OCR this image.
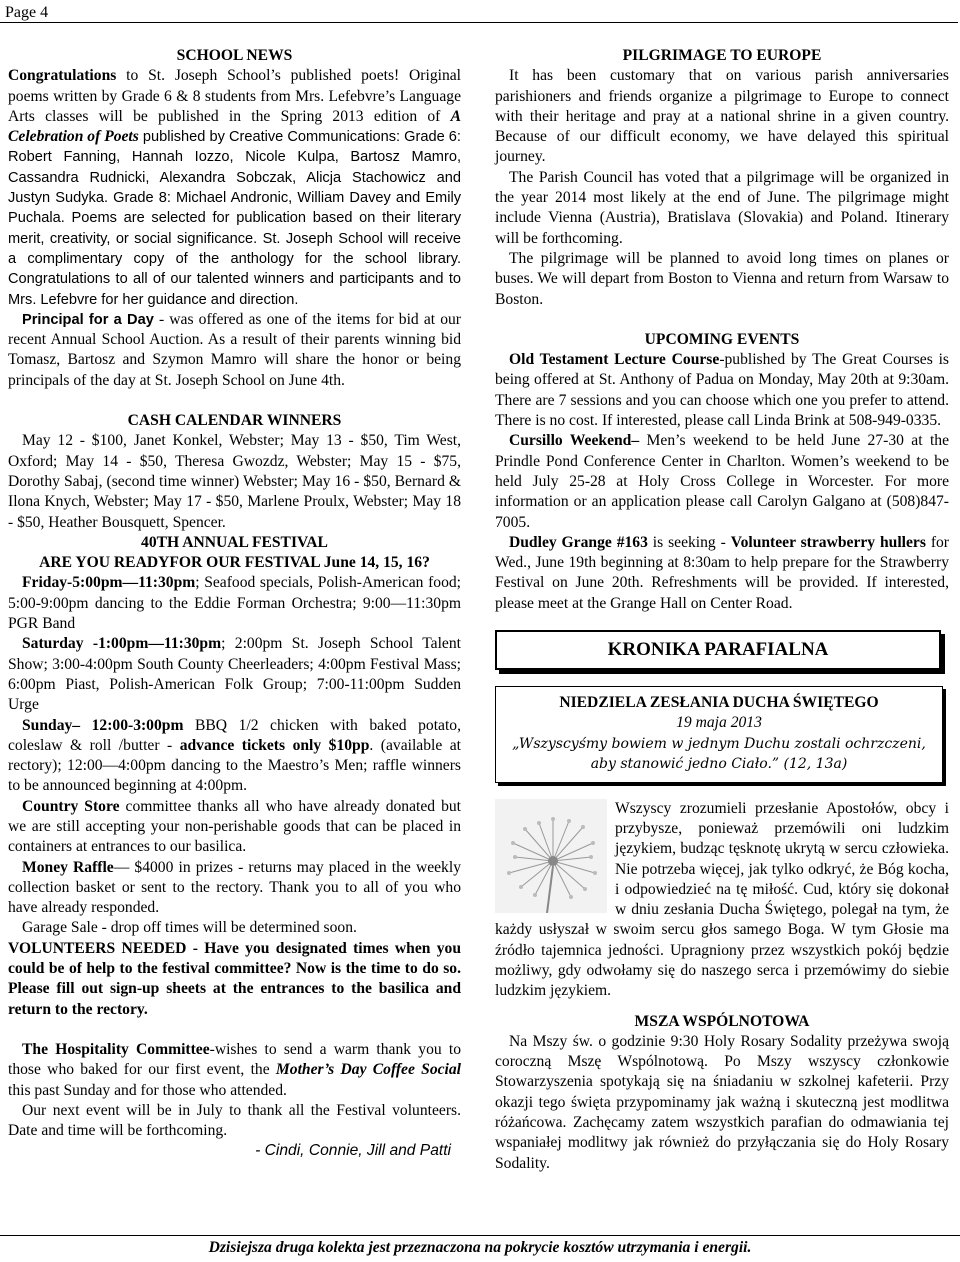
Page 4

SCHOOL NEWS

Congratulations to St. Joseph School’s published poets! Original poems written by Grade 6 & 8 students from Mrs. Lefebvre’s Language Arts classes will be published in the Spring 2013 edition of A Celebration of Poets published by Creative Communications: Grade 6: Robert Fanning, Hannah Iozzo, Nicole Kulpa, Bartosz Mamro, Cassandra Rudnicki, Alexandra Sobczak, Alicja Stachowicz and Justyn Sudyka. Grade 8: Michael Andronic, William Davey and Emily Puchala. Poems are selected for publication based on their literary merit, creativity, or social significance. St. Joseph School will receive a complimentary copy of the anthology for the school library. Congratulations to all of our talented winners and participants and to Mrs. Lefebvre for her guidance and direction.

Principal for a Day - was offered as one of the items for bid at our recent Annual School Auction. As a result of their parents winning bid Tomasz, Bartosz and Szymon Mamro will share the honor or being principals of the day at St. Joseph School on June 4th.

CASH CALENDAR WINNERS

May 12 - $100, Janet Konkel, Webster; May 13 - $50, Tim West, Oxford; May 14 - $50, Theresa Gwozdz, Webster; May 15 - $75, Dorothy Sabaj, (second time winner) Webster; May 16 - $50, Bernard & Ilona Knych, Webster; May 17 - $50, Marlene Proulx, Webster; May 18 - $50, Heather Bousquett, Spencer.

40TH ANNUAL FESTIVAL

ARE YOU READYFOR OUR FESTIVAL June 14, 15, 16?

Friday-5:00pm—11:30pm; Seafood specials, Polish-American food; 5:00-9:00pm dancing to the Eddie Forman Orchestra; 9:00—11:30pm PGR Band

Saturday -1:00pm—11:30pm; 2:00pm St. Joseph School Talent Show; 3:00-4:00pm South County Cheerleaders; 4:00pm Festival Mass; 6:00pm Piast, Polish-American Folk Group; 7:00-11:00pm Sudden Urge

Sunday– 12:00-3:00pm BBQ 1/2 chicken with baked potato, coleslaw & roll /butter - advance tickets only $10pp. (available at rectory); 12:00—4:00pm dancing to the Maestro’s Men; raffle winners to be announced beginning at 4:00pm.

Country Store committee thanks all who have already donated but we are still accepting your non-perishable goods that can be placed in containers at entrances to our basilica.

Money Raffle— $4000 in prizes - returns may placed in the weekly collection basket or sent to the rectory. Thank you to all of you who have already responded.

Garage Sale - drop off times will be determined soon.

VOLUNTEERS NEEDED - Have you designated times when you could be of help to the festival committee? Now is the time to do so. Please fill out sign-up sheets at the entrances to the basilica and return to the rectory.

The Hospitality Committee-wishes to send a warm thank you to those who baked for our first event, the Mother’s Day Coffee Social this past Sunday and for those who attended.

Our next event will be in July to thank all the Festival volunteers. Date and time will be forthcoming.

- Cindi, Connie, Jill and Patti

PILGRIMAGE TO EUROPE

It has been customary that on various parish anniversaries parishioners and friends organize a pilgrimage to Europe to connect with their heritage and pray at a national shrine in a given country. Because of our difficult economy, we have delayed this spiritual journey.

The Parish Council has voted that a pilgrimage will be organized in the year 2014 most likely at the end of June. The pilgrimage might include Vienna (Austria), Bratislava (Slovakia) and Poland. Itinerary will be forthcoming.

The pilgrimage will be planned to avoid long times on planes or buses. We will depart from Boston to Vienna and return from Warsaw to Boston.

UPCOMING EVENTS

Old Testament Lecture Course-published by The Great Courses is being offered at St. Anthony of Padua on Monday, May 20th at 9:30am. There are 7 sessions and you can choose which one you prefer to attend. There is no cost. If interested, please call Linda Brink at 508-949-0335.

Cursillo Weekend– Men’s weekend to be held June 27-30 at the Prindle Pond Conference Center in Charlton. Women’s weekend to be held July 25-28 at Holy Cross College in Worcester. For more information or an application please call Carolyn Galgano at (508)847-7005.

Dudley Grange #163 is seeking - Volunteer strawberry hullers for Wed., June 19th beginning at 8:30am to help prepare for the Strawberry Festival on June 20th. Refreshments will be provided. If interested, please meet at the Grange Hall on Center Road.

KRONIKA PARAFIALNA
NIEDZIELA ZESŁANIA DUCHA ŚWIĘTEGO
19 maja 2013
„Wszyscyśmy bowiem w jednym Duchu zostali ochrzczeni, aby stanowić jedno Ciało.” (12, 13a)

Wszyscy zrozumieli przesłanie Apostołów, obcy i przybysze, ponieważ przemówili oni ludzkim językiem, budząc tęsknotę ukrytą w sercu człowieka. Nie potrzeba więcej, jak tylko odkryć, że Bóg kocha, i odpowiedzieć na tę miłość. Cud, który się dokonał w dniu zesłania Ducha Świętego, polegał na tym, że każdy usłyszał w swoim sercu głos samego Boga. W tym Głosie ma źródło tajemnica jedności. Upragniony przez wszystkich pokój będzie możliwy, gdy odwołamy się do naszego serca i przemówimy do siebie ludzkim językiem.

MSZA WSPÓLNOTOWA

Na Mszy św. o godzinie 9:30 Holy Rosary Sodality przeżywa swoją coroczną Mszę Wspólnotową. Po Mszy wszyscy członkowie Stowarzyszenia spotykają się na śniadaniu w szkolnej kafeterii. Przy okazji tego święta przypominamy jak ważną i skuteczną jest modlitwa różańcowa. Zachęcamy zatem wszystkich parafian do odmawiania tej wspaniałej modlitwy jak również do przyłączania się do Holy Rosary Sodality.

Dzisiejsza druga kolekta jest przeznaczona na pokrycie kosztów utrzymania i energii.
